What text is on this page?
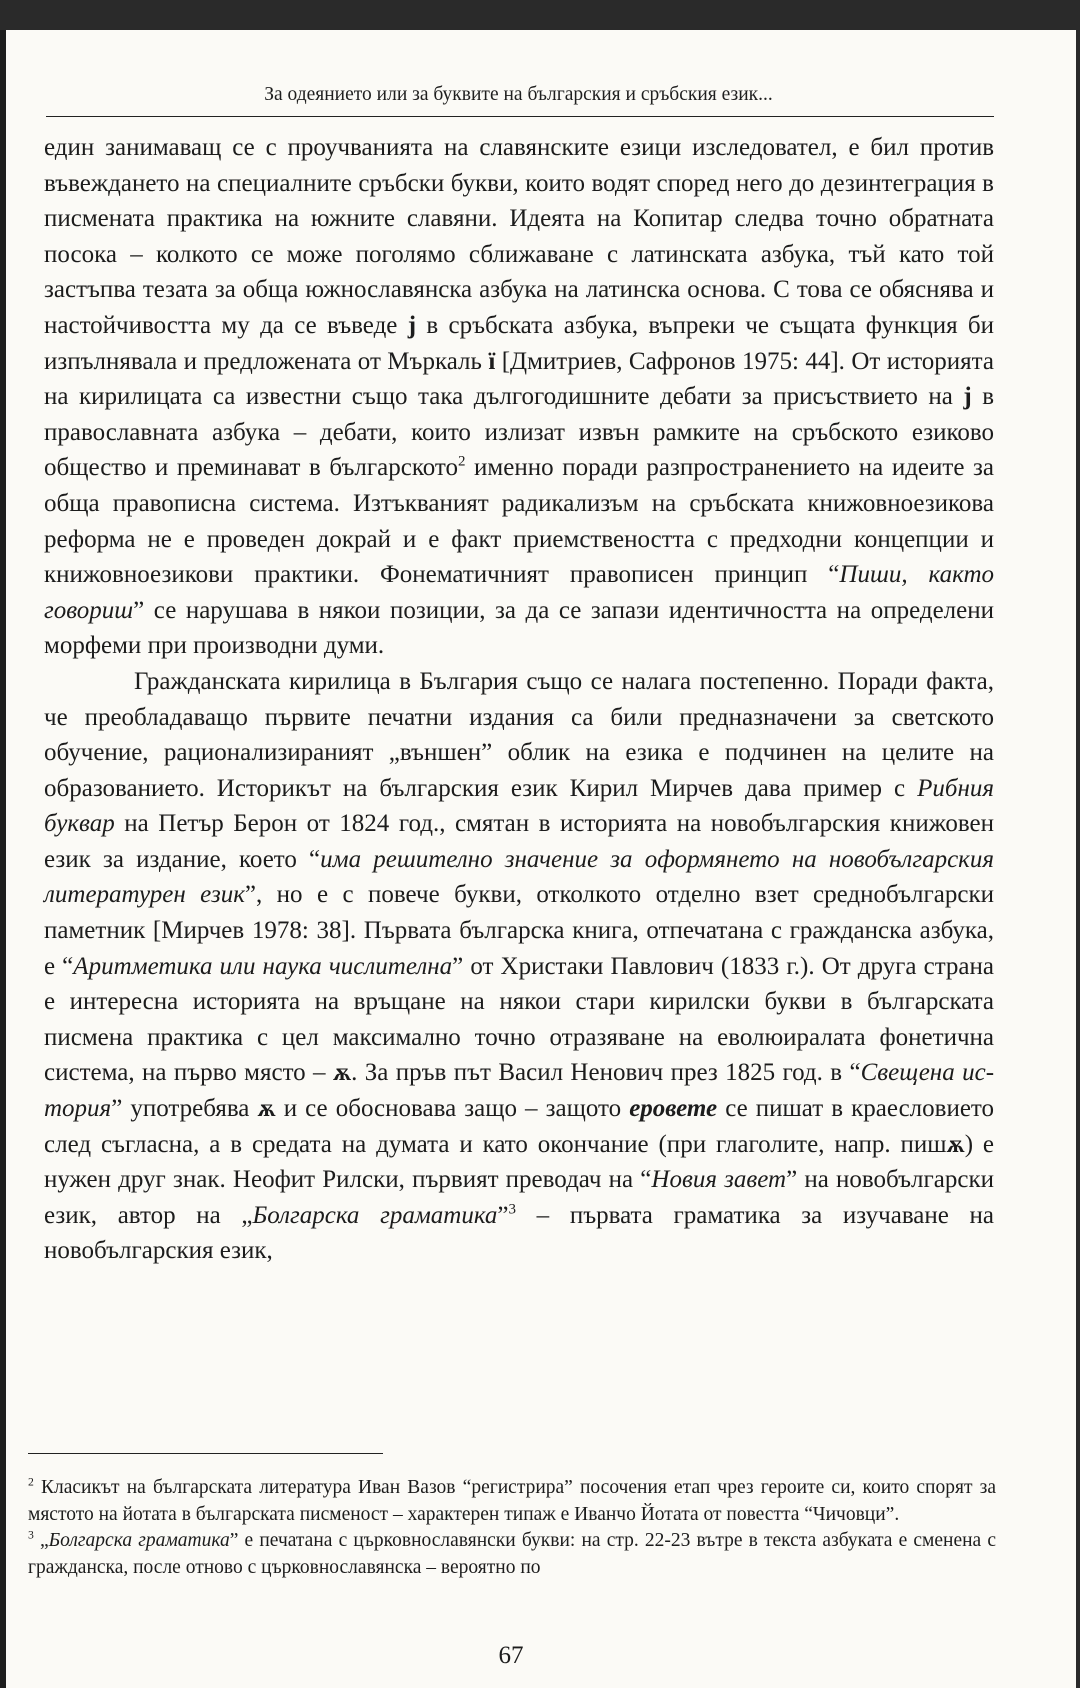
За одеянието или за буквите на българския и сръбския език...

един занимаващ се с проучванията на славянските езици изследовател, е бил против въвеждането на специалните сръбски букви, които водят според него до дезинтеграция в писмената практика на южните славяни. Идеята на Копитар следва точно обратната посока – колкото се може поголямо сближаване с латинската азбука, тъй като той застъпва тезата за обща южнославянска азбука на латинска основа. С това се обяснява и настойчивостта му да се въведе j в сръбската азбука, въпреки че същата функция би изпълнявала и предложената от Мъркаль ї [Дмитриев, Сафронов 1975: 44]. От историята на кирилицата са известни също така дългогодишните дебати за присъствието на j в православната азбука – дебати, които излизат извън рамките на сръбското езиково общество и преминават в българското$^2$ именно поради разпространението на идеите за обща правописна система. Изтъкваният радикализъм на сръбската книжовноезикова реформа не е проведен докрай и е факт приемствеността с предходни концепции и книжовноезикови практики. Фонематичният правописен принцип “Пиши, както говориш” се нарушава в някои позиции, за да се запази идентичността на определени морфеми при производни думи.

Гражданската кирилица в България също се налага постепенно. Поради факта, че преобладаващо първите печатни издания са били предназначени за светското обучение, рационализираният „външен” облик на езика е подчинен на целите на образованието. Историкът на българския език Кирил Мирчев дава пример с Рибния буквар на Петър Берон от 1824 год., смятан в историята на новобългарския книжовен език за издание, което “има решително значение за оформянето на новобългарския литературен език”, но е с повече букви, отколкото отделно взет среднобългарски паметник [Мирчев 1978: 38]. Първата българска книга, отпечатана с гражданска азбука, е “Аритметика или наука числителна” от Христаки Павлович (1833 г.). От друга страна е интересна историята на връщане на някои стари кирилски букви в българската писмена практика с цел максимално точно отразяване на еволюиралата фонетична система, на първо място – ѫ. За пръв път Васил Ненович през 1825 год. в “Свещена история” употребява ѫ и се обосновава защо – защото еровете се пишат в краесловието след съгласна, а в средата на думата и като окончание (при глаголите, напр. пишѫ) е нужен друг знак. Неофит Рилски, първият преводач на “Новия завет” на новобългарски език, автор на „Болгарска граматика”$^3$ – първата граматика за изучаване на новобългарския език,

$^2$ Класикът на българската литература Иван Вазов “регистрира” посочения етап чрез героите си, които спорят за мястото на йотата в българската писменост – характерен типаж е Иванчо Йотата от повестта “Чичовци”.

$^3$ „Болгарска граматика” е печатана с църковнославянски букви: на стр. 22-23 вътре в текста азбуката е сменена с гражданска, после отново с църковнославянска – вероятно по

67
